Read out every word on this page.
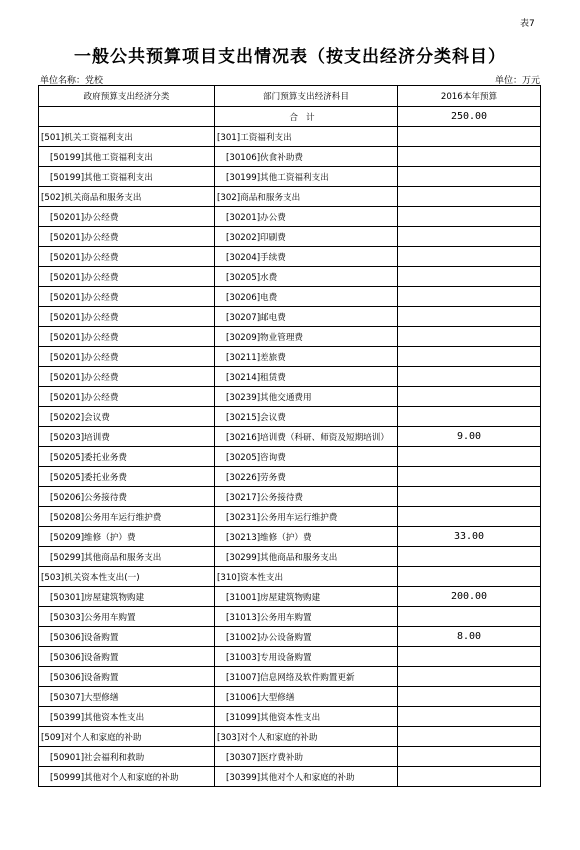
表7
一般公共预算项目支出情况表（按支出经济分类科目）
单位名称：党校	单位：万元
政府预算支出经济分类	部门预算支出经济科目	2016本年预算
	合计	250.00
[501]机关工资福利支出	[301]工资福利支出	
[50199]其他工资福利支出	[30106]伙食补助费	
[50199]其他工资福利支出	[30199]其他工资福利支出	
[502]机关商品和服务支出	[302]商品和服务支出	
[50201]办公经费	[30201]办公费	
[50201]办公经费	[30202]印刷费	
[50201]办公经费	[30204]手续费	
[50201]办公经费	[30205]水费	
[50201]办公经费	[30206]电费	
[50201]办公经费	[30207]邮电费	
[50201]办公经费	[30209]物业管理费	
[50201]办公经费	[30211]差旅费	
[50201]办公经费	[30214]租赁费	
[50201]办公经费	[30239]其他交通费用	
[50202]会议费	[30215]会议费	
[50203]培训费	[30216]培训费（科研、师资及短期培训）	9.00
[50205]委托业务费	[30205]咨询费	
[50205]委托业务费	[30226]劳务费	
[50206]公务接待费	[30217]公务接待费	
[50208]公务用车运行维护费	[30231]公务用车运行维护费	
[50209]维修（护）费	[30213]维修（护）费	33.00
[50299]其他商品和服务支出	[30299]其他商品和服务支出	
[503]机关资本性支出(一)	[310]资本性支出	
[50301]房屋建筑物购建	[31001]房屋建筑物购建	200.00
[50303]公务用车购置	[31013]公务用车购置	
[50306]设备购置	[31002]办公设备购置	8.00
[50306]设备购置	[31003]专用设备购置	
[50306]设备购置	[31007]信息网络及软件购置更新	
[50307]大型修缮	[31006]大型修缮	
[50399]其他资本性支出	[31099]其他资本性支出	
[509]对个人和家庭的补助	[303]对个人和家庭的补助	
[50901]社会福利和救助	[30307]医疗费补助	
[50999]其他对个人和家庭的补助	[30399]其他对个人和家庭的补助	
